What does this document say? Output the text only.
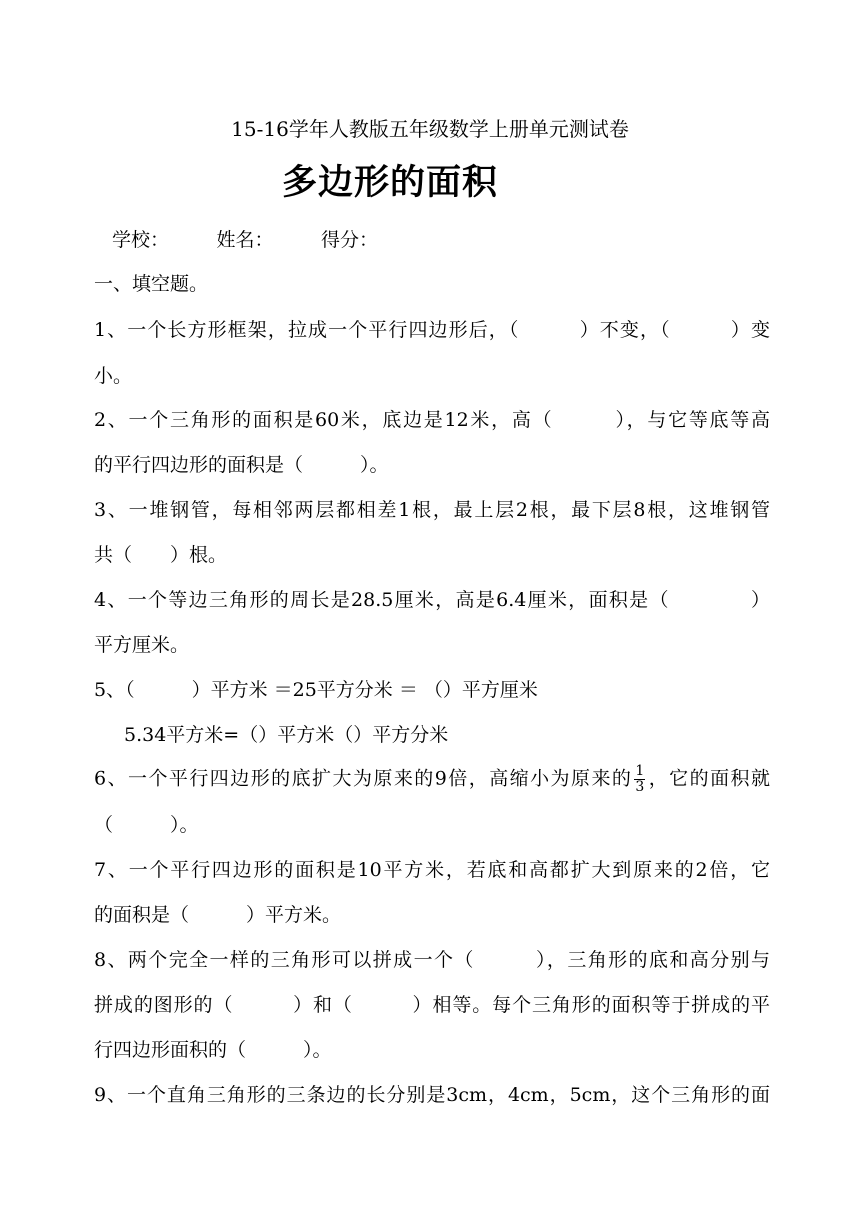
15-16学年人教版五年级数学上册单元测试卷
多边形的面积
学校：　　　姓名：　　　得分：
一、填空题。
1、一个长方形框架，拉成一个平行四边形后，（　　　）不变，（　　　）变
小。
2、一个三角形的面积是60米，底边是12米，高（　　　），与它等底等高
的平行四边形的面积是（　　　）。
3、一堆钢管，每相邻两层都相差1根，最上层2根，最下层8根，这堆钢管
共（　　）根。
4、一个等边三角形的周长是28.5厘米，高是6.4厘米，面积是（　　　　）
平方厘米。
5、（　　　）平方米 ＝25平方分米 ＝ （）平方厘米
5.34平方米=（）平方米（）平方分米
6、一个平行四边形的底扩大为原来的9倍，高缩小为原来的 $\frac{1}{3}$ ，它的面积就
（　　　）。
7、一个平行四边形的面积是10平方米，若底和高都扩大到原来的2倍，它
的面积是（　　　）平方米。
8、两个完全一样的三角形可以拼成一个（　　　），三角形的底和高分别与
拼成的图形的（　　　）和（　　　）相等。每个三角形的面积等于拼成的平
行四边形面积的（　　　）。
9、一个直角三角形的三条边的长分别是3cm，4cm，5cm，这个三角形的面
